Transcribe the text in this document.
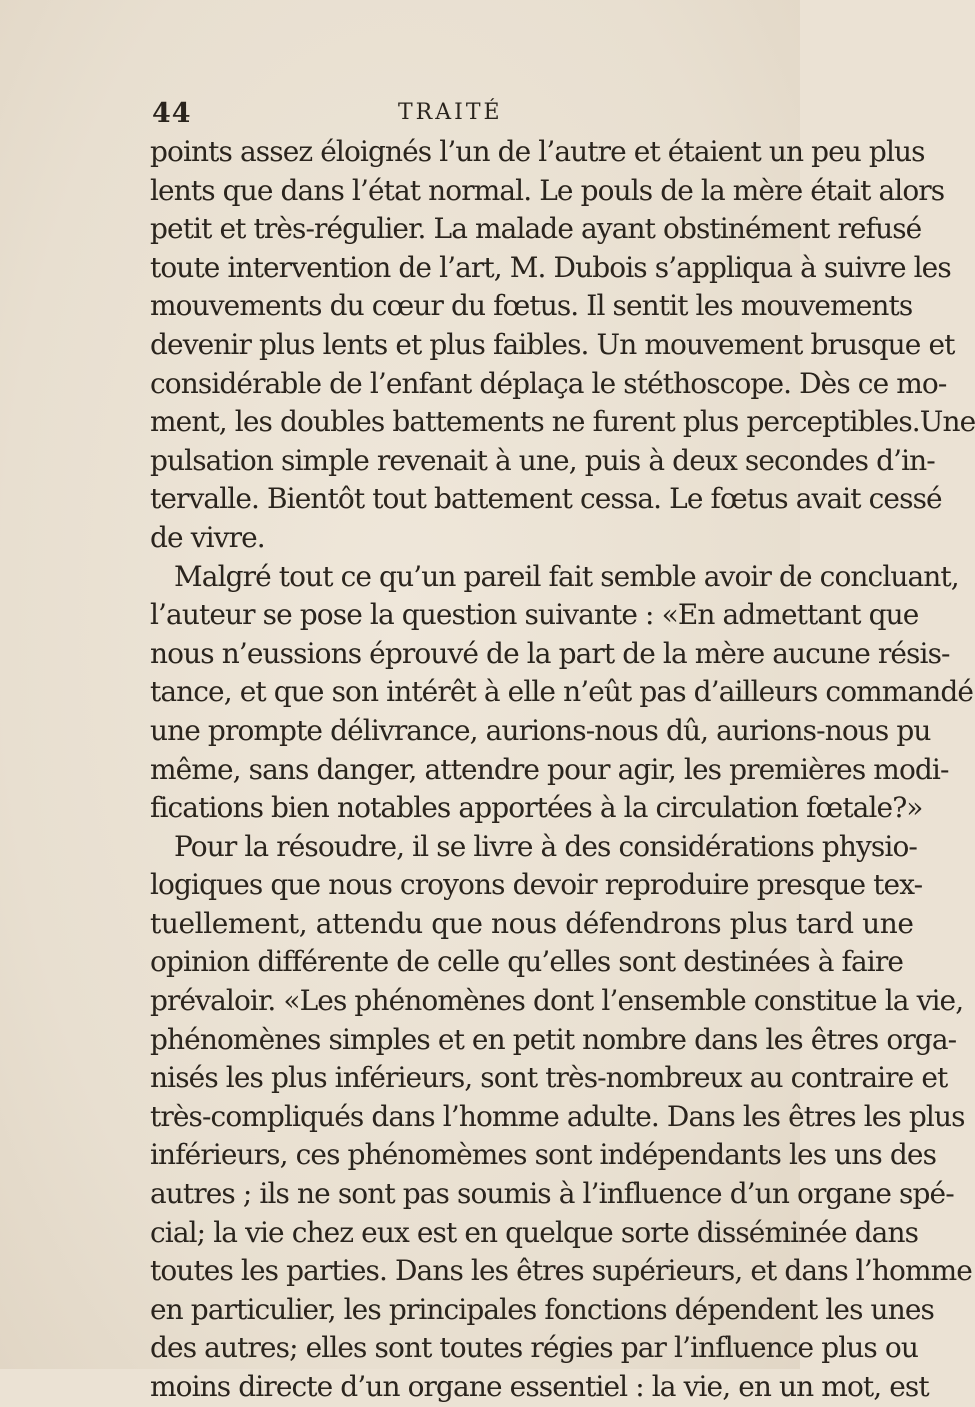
44	TRAITÉ
points assez éloignés l’un de l’autre et étaient un peu plus
lents que dans l’état normal. Le pouls de la mère était alors
petit et très-régulier. La malade ayant obstinément refusé
toute intervention de l’art, M. Dubois s’appliqua à suivre les
mouvements du cœur du fœtus. Il sentit les mouvements
devenir plus lents et plus faibles. Un mouvement brusque et
considérable de l’enfant déplaça le stéthoscope. Dès ce mo-
ment, les doubles battements ne furent plus perceptibles.Une
pulsation simple revenait à une, puis à deux secondes d’in-
tervalle. Bientôt tout battement cessa. Le fœtus avait cessé
de vivre.
Malgré tout ce qu’un pareil fait semble avoir de concluant,
l’auteur se pose la question suivante : «En admettant que
nous n’eussions éprouvé de la part de la mère aucune résis-
tance, et que son intérêt à elle n’eût pas d’ailleurs commandé
une prompte délivrance, aurions-nous dû, aurions-nous pu
même, sans danger, attendre pour agir, les premières modi-
fications bien notables apportées à la circulation fœtale?»
Pour la résoudre, il se livre à des considérations physio-
logiques que nous croyons devoir reproduire presque tex-
tuellement, attendu que nous défendrons plus tard une
opinion différente de celle qu’elles sont destinées à faire
prévaloir. «Les phénomènes dont l’ensemble constitue la vie,
phénomènes simples et en petit nombre dans les êtres orga-
nisés les plus inférieurs, sont très-nombreux au contraire et
très-compliqués dans l’homme adulte. Dans les êtres les plus
inférieurs, ces phénomèmes sont indépendants les uns des
autres ; ils ne sont pas soumis à l’influence d’un organe spé-
cial; la vie chez eux est en quelque sorte disséminée dans
toutes les parties. Dans les êtres supérieurs, et dans l’homme
en particulier, les principales fonctions dépendent les unes
des autres; elles sont toutes régies par l’influence plus ou
moins directe d’un organe essentiel : la vie, en un mot, est
